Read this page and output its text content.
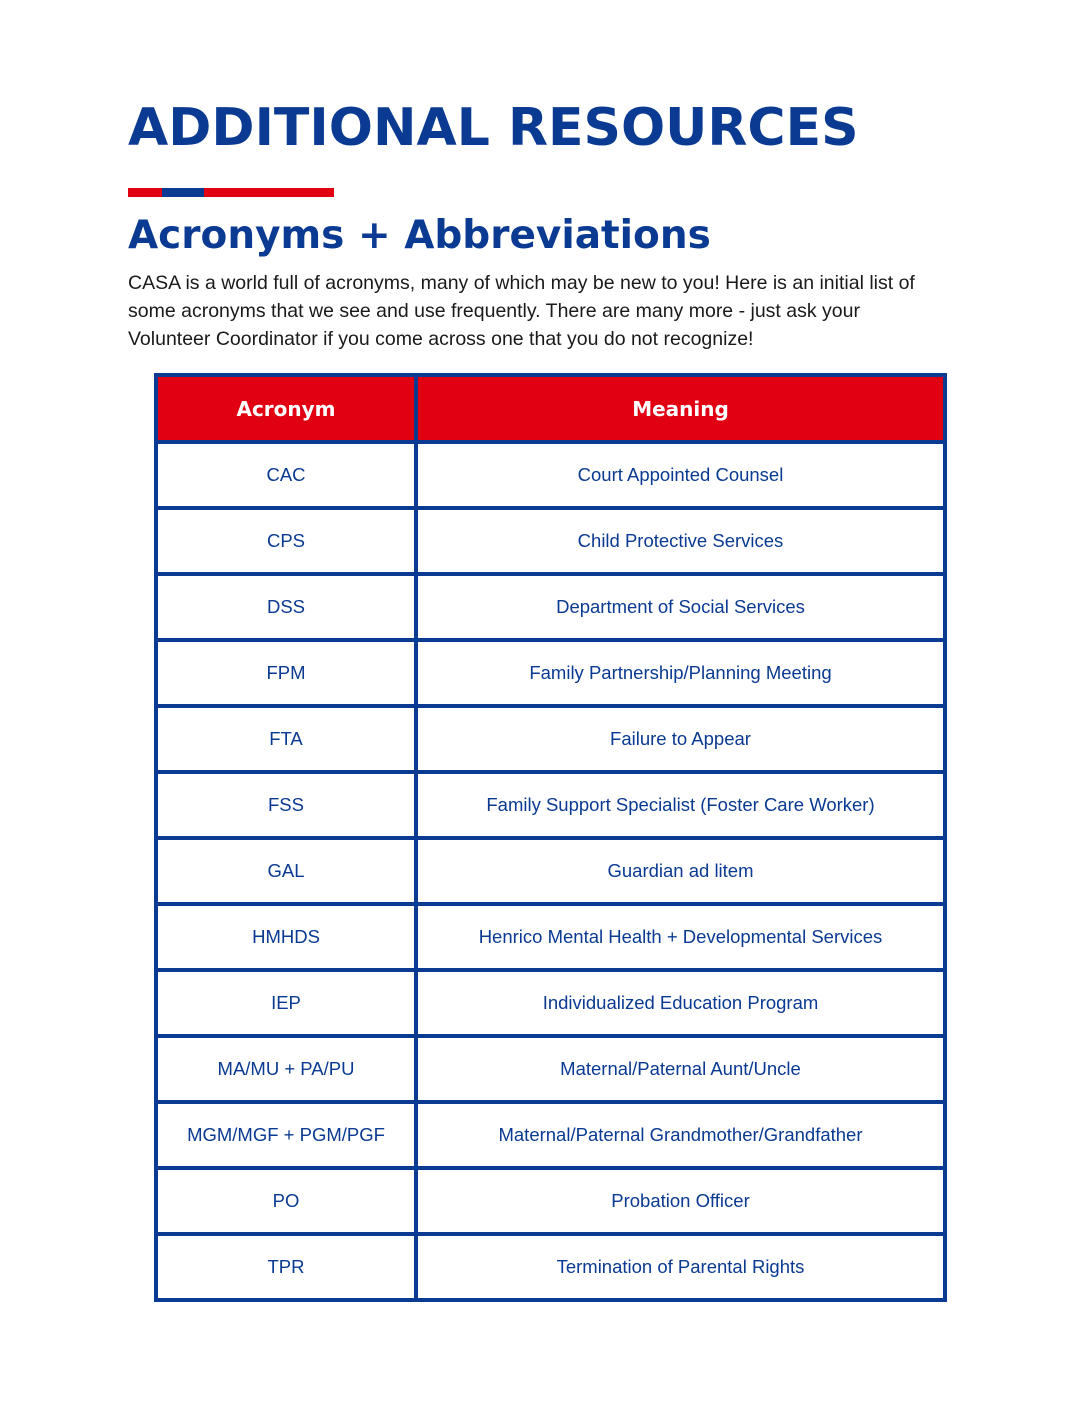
ADDITIONAL RESOURCES
Acronyms + Abbreviations

CASA is a world full of acronyms, many of which may be new to you! Here is an initial list of some acronyms that we see and use frequently. There are many more - just ask your Volunteer Coordinator if you come across one that you do not recognize!

Acronym	Meaning
CAC	Court Appointed Counsel
CPS	Child Protective Services
DSS	Department of Social Services
FPM	Family Partnership/Planning Meeting
FTA	Failure to Appear
FSS	Family Support Specialist (Foster Care Worker)
GAL	Guardian ad litem
HMHDS	Henrico Mental Health + Developmental Services
IEP	Individualized Education Program
MA/MU + PA/PU	Maternal/Paternal Aunt/Uncle
MGM/MGF + PGM/PGF	Maternal/Paternal Grandmother/Grandfather
PO	Probation Officer
TPR	Termination of Parental Rights
